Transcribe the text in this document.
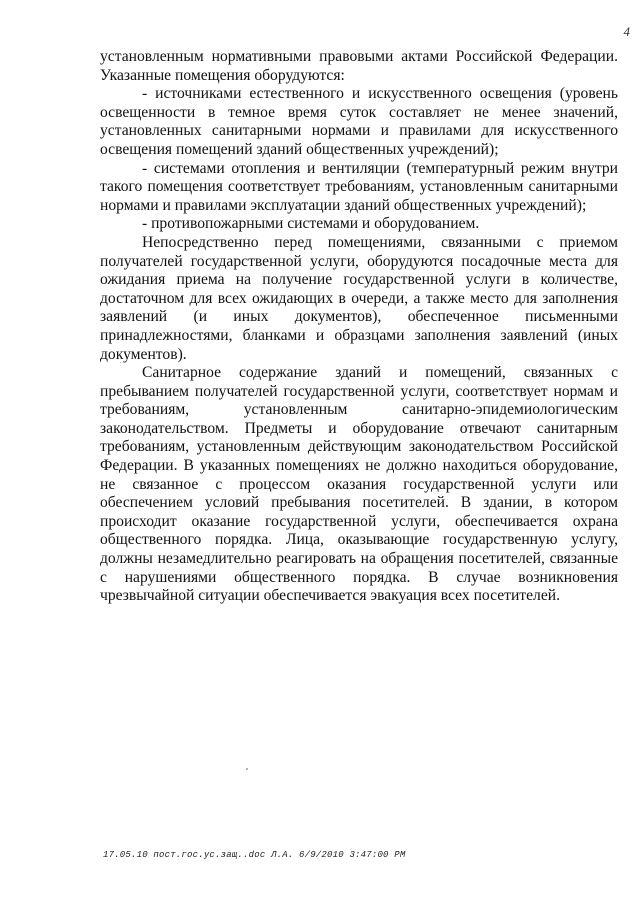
4

установленным нормативными правовыми актами Российской Федерации. Указанные помещения оборудуются:

- источниками естественного и искусственного освещения (уровень освещенности в темное время суток составляет не менее значений, установленных санитарными нормами и правилами для искусственного освещения помещений зданий общественных учреждений);

- системами отопления и вентиляции (температурный режим внутри такого помещения соответствует требованиям, установленным санитарными нормами и правилами эксплуатации зданий общественных учреждений);

- противопожарными системами и оборудованием.

Непосредственно перед помещениями, связанными с приемом получателей государственной услуги, оборудуются посадочные места для ожидания приема на получение государственной услуги в количестве, достаточном для всех ожидающих в очереди, а также место для заполнения заявлений (и иных документов), обеспеченное письменными принадлежностями, бланками и образцами заполнения заявлений (иных документов).

Санитарное содержание зданий и помещений, связанных с пребыванием получателей государственной услуги, соответствует нормам и требованиям, установленным санитарно-эпидемиологическим законодательством. Предметы и оборудование отвечают санитарным требованиям, установленным действующим законодательством Российской Федерации. В указанных помещениях не должно находиться оборудование, не связанное с процессом оказания государственной услуги или обеспечением условий пребывания посетителей. В здании, в котором происходит оказание государственной услуги, обеспечивается охрана общественного порядка. Лица, оказывающие государственную услугу, должны незамедлительно реагировать на обращения посетителей, связанные с нарушениями общественного порядка. В случае возникновения чрезвычайной ситуации обеспечивается эвакуация всех посетителей.

17.05.10 пост.гос.ус.защ..doc Л.А. 6/9/2010 3:47:00 PM
